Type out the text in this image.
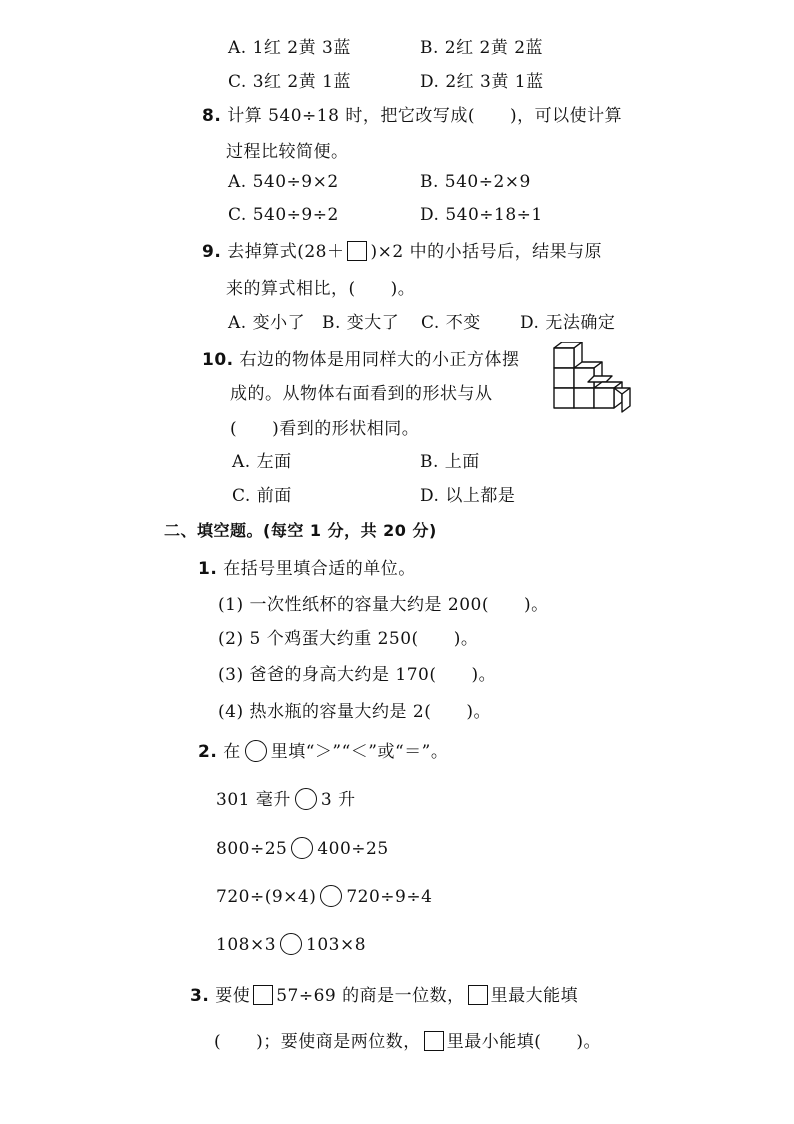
A. 1红 2黄 3蓝	B. 2红 2黄 2蓝
C. 3红 2黄 1蓝	D. 2红 3黄 1蓝
8. 计算 540÷18 时，把它改写成(　　)，可以使计算
过程比较简便。
A. 540÷9×2	B. 540÷2×9
C. 540÷9÷2	D. 540÷18÷1
9. 去掉算式(28＋ )×2 中的小括号后，结果与原
来的算式相比，(　　)。
A. 变小了 B. 变大了 C. 不变 D. 无法确定
10. 右边的物体是用同样大的小正方体摆
成的。从物体右面看到的形状与从
(　　)看到的形状相同。
A. 左面	B. 上面
C. 前面	D. 以上都是
二、填空题。(每空 1 分，共 20 分)
1. 在括号里填合适的单位。
(1) 一次性纸杯的容量大约是 200(　　)。
(2) 5 个鸡蛋大约重 250(　　)。
(3) 爸爸的身高大约是 170(　　)。
(4) 热水瓶的容量大约是 2(　　)。
2. 在 里填“＞”“＜”或“＝”。
301 毫升 3 升
800÷25 400÷25
720÷(9×4) 720÷9÷4
108×3 103×8
3. 要使 57÷69 的商是一位数， 里最大能填
(　　)；要使商是两位数， 里最小能填(　　)。
